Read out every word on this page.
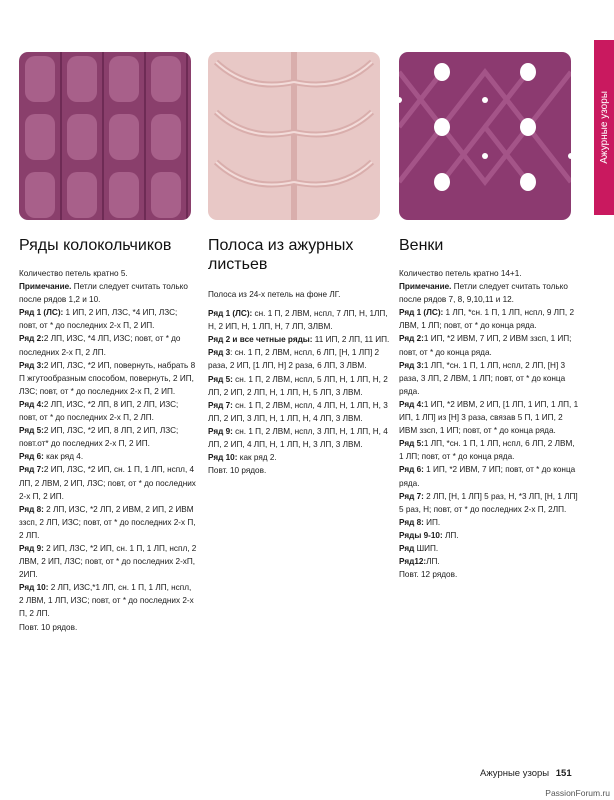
Ажурные узоры
Ряды колокольчиков

Количество петель кратно 5.

Примечание. Петли следует считать только после рядов 1,2 и 10.

Ряд 1 (ЛС): 1 ИП, 2 ИП, ЛЗС, *4 ИП, ЛЗС; повт, от * до последних 2-х П, 2 ИП.

Ряд 2:2 ЛП, ИЗС, *4 ЛП, ИЗС; повт, от * до последних 2-х П, 2 ЛП.

Ряд 3:2 ИП, ЛЗС, *2 ИП, повернуть, набрать 8 П жгутообразным способом, повернуть, 2 ИП, ЛЗС; повт, от * до последних 2-х П, 2 ИП.

Ряд 4:2 ЛП, ИЗС, *2 ЛП, 8 ИП, 2 ЛП, ИЗС; повт, от * до последних 2-х П, 2 ЛП.

Ряд 5:2 ИП, ЛЗС, *2 ИП, 8 ЛП, 2 ИП, ЛЗС; повт.от* до последних 2-х П, 2 ИП.

Ряд 6: как ряд 4.

Ряд 7:2 ИП, ЛЗС, *2 ИП, сн. 1 П, 1 ЛП, нспл, 4 ЛП, 2 ЛВМ, 2 ИП, ЛЗС; повт, от * до последних 2-х П, 2 ИП.

Ряд 8: 2 ЛП, ИЗС, *2 ЛП, 2 ИВМ, 2 ИП, 2 ИВМ ззсп, 2 ЛП, ИЗС; повт, от * до последних 2-х П, 2 ЛП.

Ряд 9: 2 ИП, ЛЗС, *2 ИП, сн. 1 П, 1 ЛП, нспл, 2 ЛВМ, 2 ИП, ЛЗС; повт, от * до последних 2-хП, 2ИП.

Ряд 10: 2 ЛП, ИЗС,*1 ЛП, сн. 1 П, 1 ЛП, нспл, 2 ЛВМ, 1 ЛП, ИЗС; повт, от * до последних 2-х П, 2 ЛП.

Повт. 10 рядов.

Полоса из ажурных листьев

Полоса из 24-х петель на фоне ЛГ.

Ряд 1 (ЛС): сн. 1 П, 2 ЛВМ, нспл, 7 ЛП, Н, 1ЛП, Н, 2 ИП, Н, 1 ЛП, Н, 7 ЛП, ЗЛВМ.

Ряд 2 и все четные ряды: 11 ИП, 2 ЛП, 11 ИП.

Ряд 3: сн. 1 П, 2 ЛВМ, нспл, 6 ЛП, [Н, 1 ЛП] 2 раза, 2 ИП, [1 ЛП, Н] 2 раза, 6 ЛП, 3 ЛВМ.

Ряд 5: сн. 1 П, 2 ЛВМ, нспл, 5 ЛП, Н, 1 ЛП, Н, 2 ЛП, 2 ИП, 2 ЛП, Н, 1 ЛП, Н, 5 ЛП, 3 ЛВМ.

Ряд 7: сн. 1 П, 2 ЛВМ, нспл, 4 ЛП, Н, 1 ЛП, Н, 3 ЛП, 2 ИП, 3 ЛП, Н, 1 ЛП, Н, 4 ЛП, 3 ЛВМ.

Ряд 9: сн. 1 П, 2 ЛВМ, нспл, 3 ЛП, Н, 1 ЛП, Н, 4 ЛП, 2 ИП, 4 ЛП, Н, 1 ЛП, Н, 3 ЛП, 3 ЛВМ.

Ряд 10: как ряд 2.

Повт. 10 рядов.

Венки

Количество петель кратно 14+1.

Примечание. Петли следует считать только после рядов 7, 8, 9,10,11 и 12.

Ряд 1 (ЛС): 1 ЛП, *сн. 1 П, 1 ЛП, нспл, 9 ЛП, 2 ЛВМ, 1 ЛП; повт, от * до конца ряда.

Ряд 2:1 ИП, *2 ИВМ, 7 ИП, 2 ИВМ ззсп, 1 ИП; повт, от * до конца ряда.

Ряд 3:1 ЛП, *сн. 1 П, 1 ЛП, нспл, 2 ЛП, [Н] 3 раза, 3 ЛП, 2 ЛВМ, 1 ЛП; повт, от * до конца ряда.

Ряд 4:1 ИП, *2 ИВМ, 2 ИП, [1 ЛП, 1 ИП, 1 ЛП, 1 ИП, 1 ЛП] из [Н] 3 раза, связав 5 П, 1 ИП, 2 ИВМ ззсп, 1 ИП; повт, от * до конца ряда.

Ряд 5:1 ЛП, *сн. 1 П, 1 ЛП, нспл, 6 ЛП, 2 ЛВМ, 1 ЛП; повт, от * до конца ряда.

Ряд 6: 1 ИП, *2 ИВМ, 7 ИП; повт, от * до конца ряда.

Ряд 7: 2 ЛП, [Н, 1 ЛП] 5 раз, Н, *3 ЛП, [Н, 1 ЛП] 5 раз, Н; повт, от * до последних 2-х П, 2ЛП.

Ряд 8: ИП.

Ряды 9-10: ЛП.

Ряд ШИП.

Ряд12:ЛП.

Повт. 12 рядов.

Ажурные узоры 151
PassionForum.ru
